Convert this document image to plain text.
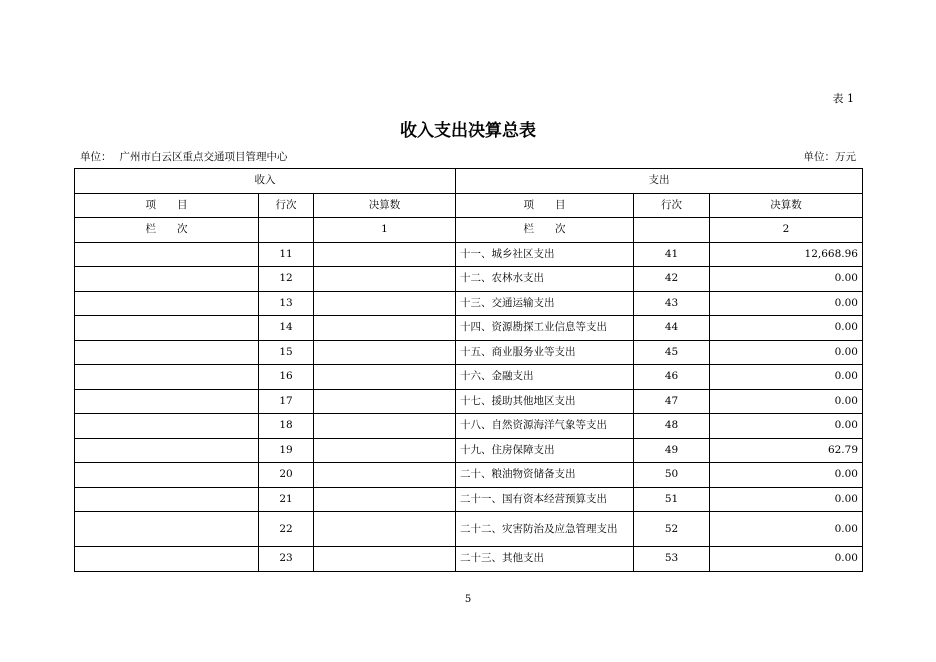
表 1
收入支出决算总表
单位： 广州市白云区重点交通项目管理中心	单位：万元
收入			支出		
项　　目	行次	决算数	项　　目	行次	决算数
栏　　次		1	栏　　次		2
	11		十一、城乡社区支出	41	12,668.96
	12		十二、农林水支出	42	0.00
	13		十三、交通运输支出	43	0.00
	14		十四、资源勘探工业信息等支出	44	0.00
	15		十五、商业服务业等支出	45	0.00
	16		十六、金融支出	46	0.00
	17		十七、援助其他地区支出	47	0.00
	18		十八、自然资源海洋气象等支出	48	0.00
	19		十九、住房保障支出	49	62.79
	20		二十、粮油物资储备支出	50	0.00
	21		二十一、国有资本经营预算支出	51	0.00
	22		二十二、灾害防治及应急管理支出	52	0.00
	23		二十三、其他支出	53	0.00
5
